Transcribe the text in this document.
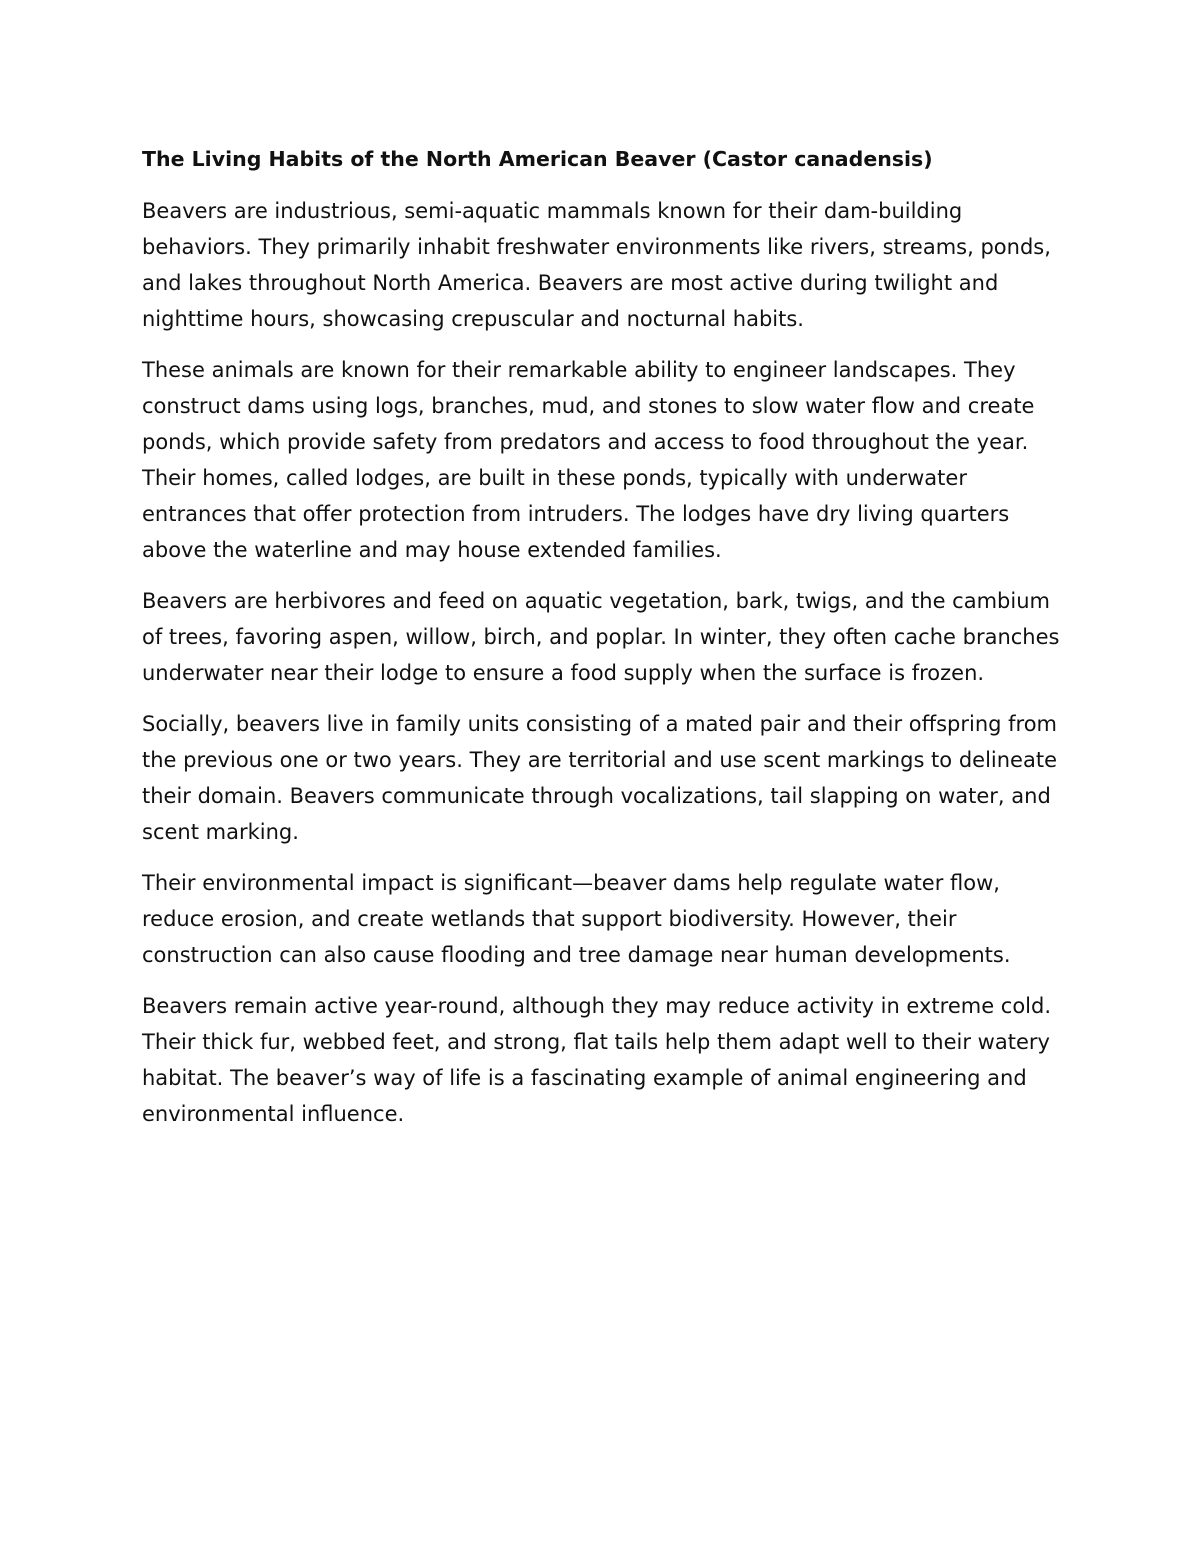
The Living Habits of the North American Beaver (Castor canadensis)

Beavers are industrious, semi-aquatic mammals known for their dam-building behaviors. They primarily inhabit freshwater environments like rivers, streams, ponds, and lakes throughout North America. Beavers are most active during twilight and nighttime hours, showcasing crepuscular and nocturnal habits.

These animals are known for their remarkable ability to engineer landscapes. They construct dams using logs, branches, mud, and stones to slow water flow and create ponds, which provide safety from predators and access to food throughout the year. Their homes, called lodges, are built in these ponds, typically with underwater entrances that offer protection from intruders. The lodges have dry living quarters above the waterline and may house extended families.

Beavers are herbivores and feed on aquatic vegetation, bark, twigs, and the cambium of trees, favoring aspen, willow, birch, and poplar. In winter, they often cache branches underwater near their lodge to ensure a food supply when the surface is frozen.

Socially, beavers live in family units consisting of a mated pair and their offspring from the previous one or two years. They are territorial and use scent markings to delineate their domain. Beavers communicate through vocalizations, tail slapping on water, and scent marking.

Their environmental impact is significant—beaver dams help regulate water flow, reduce erosion, and create wetlands that support biodiversity. However, their construction can also cause flooding and tree damage near human developments.

Beavers remain active year-round, although they may reduce activity in extreme cold. Their thick fur, webbed feet, and strong, flat tails help them adapt well to their watery habitat. The beaver’s way of life is a fascinating example of animal engineering and environmental influence.
